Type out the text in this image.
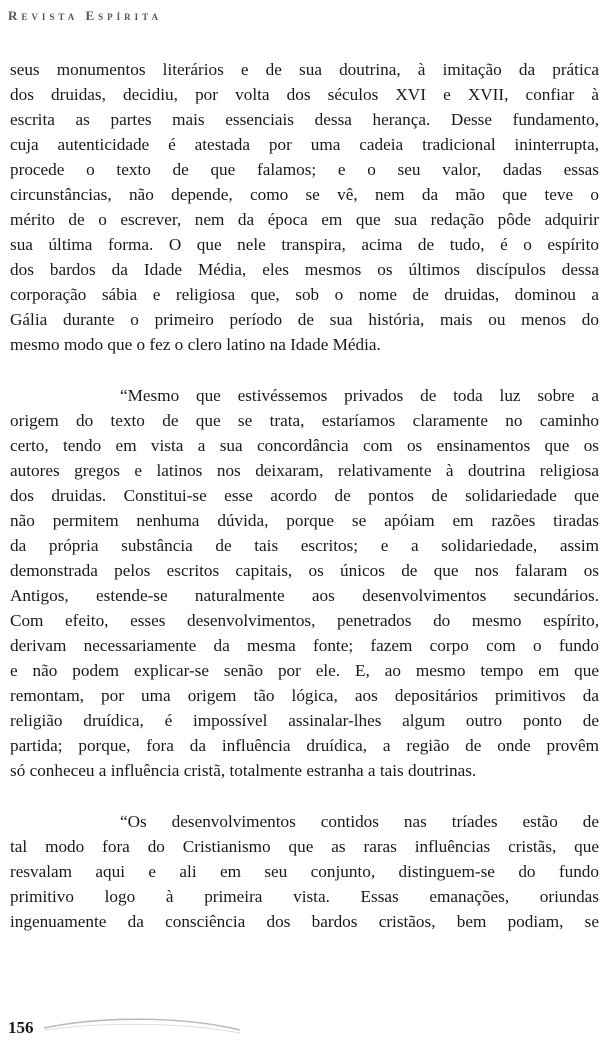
Revista Espírita
seus monumentos literários e de sua doutrina, à imitação da prática
dos druidas, decidiu, por volta dos séculos XVI e XVII, confiar à
escrita as partes mais essenciais dessa herança. Desse fundamento,
cuja autenticidade é atestada por uma cadeia tradicional ininterrupta,
procede o texto de que falamos; e o seu valor, dadas essas
circunstâncias, não depende, como se vê, nem da mão que teve o
mérito de o escrever, nem da época em que sua redação pôde adquirir
sua última forma. O que nele transpira, acima de tudo, é o espírito
dos bardos da Idade Média, eles mesmos os últimos discípulos dessa
corporação sábia e religiosa que, sob o nome de druidas, dominou a
Gália durante o primeiro período de sua história, mais ou menos do
mesmo modo que o fez o clero latino na Idade Média.
“Mesmo que estivéssemos privados de toda luz sobre a
origem do texto de que se trata, estaríamos claramente no caminho
certo, tendo em vista a sua concordância com os ensinamentos que os
autores gregos e latinos nos deixaram, relativamente à doutrina religiosa
dos druidas. Constitui-se esse acordo de pontos de solidariedade que
não permitem nenhuma dúvida, porque se apóiam em razões tiradas
da própria substância de tais escritos; e a solidariedade, assim
demonstrada pelos escritos capitais, os únicos de que nos falaram os
Antigos, estende-se naturalmente aos desenvolvimentos secundários.
Com efeito, esses desenvolvimentos, penetrados do mesmo espírito,
derivam necessariamente da mesma fonte; fazem corpo com o fundo
e não podem explicar-se senão por ele. E, ao mesmo tempo em que
remontam, por uma origem tão lógica, aos depositários primitivos da
religião druídica, é impossível assinalar-lhes algum outro ponto de
partida; porque, fora da influência druídica, a região de onde provêm
só conheceu a influência cristã, totalmente estranha a tais doutrinas.
“Os desenvolvimentos contidos nas tríades estão de
tal modo fora do Cristianismo que as raras influências cristãs, que
resvalam aqui e ali em seu conjunto, distinguem-se do fundo
primitivo logo à primeira vista. Essas emanações, oriundas
ingenuamente da consciência dos bardos cristãos, bem podiam, se
156
